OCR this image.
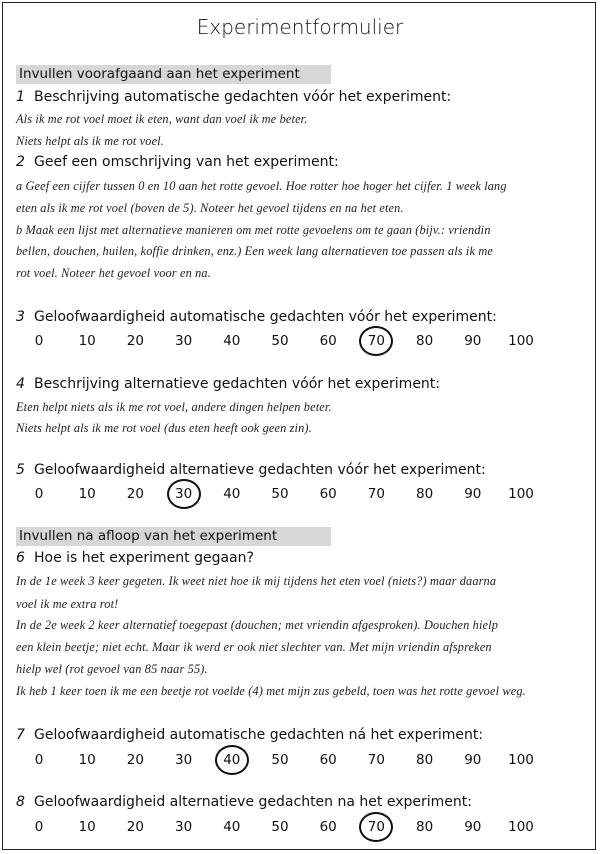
Experimentformulier
Invullen voorafgaand aan het experiment
1 Beschrijving automatische gedachten vóór het experiment:
Als ik me rot voel moet ik eten, want dan voel ik me beter.
Niets helpt als ik me rot voel.
2 Geef een omschrijving van het experiment:
a Geef een cijfer tussen 0 en 10 aan het rotte gevoel. Hoe rotter hoe hoger het cijfer. 1 week lang
eten als ik me rot voel (boven de 5). Noteer het gevoel tijdens en na het eten.
b Maak een lijst met alternatieve manieren om met rotte gevoelens om te gaan (bijv.: vriendin
bellen, douchen, huilen, koffie drinken, enz.) Een week lang alternatieven toe passen als ik me
rot voel. Noteer het gevoel voor en na.
3 Geloofwaardigheid automatische gedachten vóór het experiment:
0	10	20	30	40	50	60	70	80	90	100
4 Beschrijving alternatieve gedachten vóór het experiment:
Eten helpt niets als ik me rot voel, andere dingen helpen beter.
Niets helpt als ik me rot voel (dus eten heeft ook geen zin).
5 Geloofwaardigheid alternatieve gedachten vóór het experiment:
0	10	20	30	40	50	60	70	80	90	100
Invullen na afloop van het experiment
6 Hoe is het experiment gegaan?
In de 1e week 3 keer gegeten. Ik weet niet hoe ik mij tijdens het eten voel (niets?) maar daarna
voel ik me extra rot!
In de 2e week 2 keer alternatief toegepast (douchen; met vriendin afgesproken). Douchen hielp
een klein beetje; niet echt. Maar ik werd er ook niet slechter van. Met mijn vriendin afspreken
hielp wel (rot gevoel van 85 naar 55).
Ik heb 1 keer toen ik me een beetje rot voelde (4) met mijn zus gebeld, toen was het rotte gevoel weg.
7 Geloofwaardigheid automatische gedachten ná het experiment:
0	10	20	30	40	50	60	70	80	90	100
8 Geloofwaardigheid alternatieve gedachten na het experiment:
0	10	20	30	40	50	60	70	80	90	100
